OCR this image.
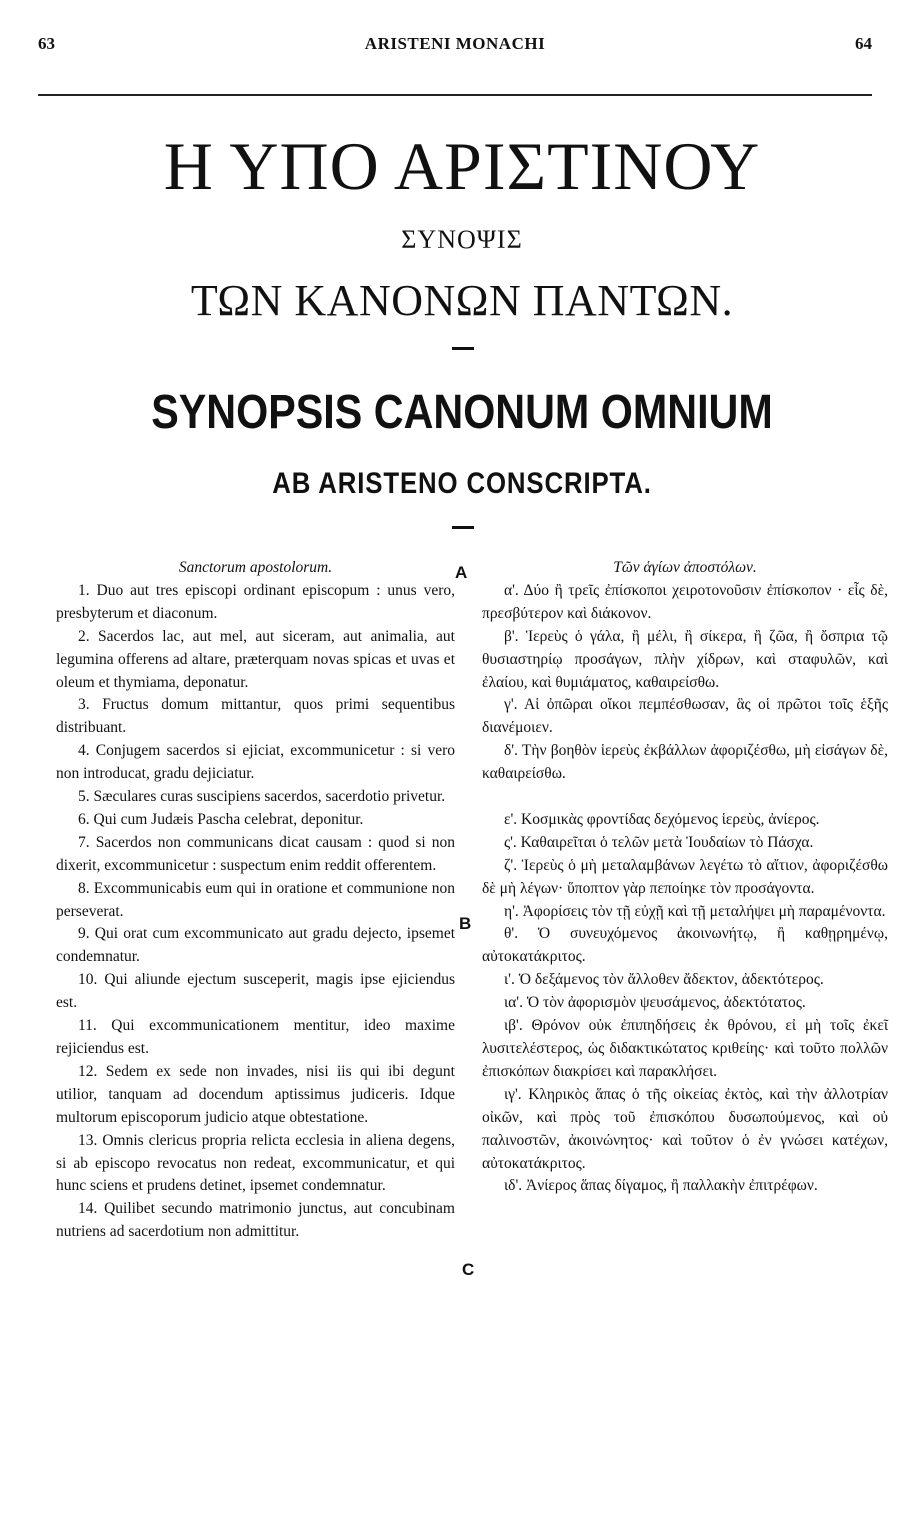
63	ARISTENI MONACHI	64
Η ΥΠΟ ΑΡΙΣΤΙΝΟΥ
ΣΥΝΟΨΙΣ
ΤΩΝ ΚΑΝΟΝΩΝ ΠΑΝΤΩΝ.
SYNOPSIS CANONUM OMNIUM
AB ARISTENO CONSCRIPTA.
Sanctorum apostolorum.

1. Duo aut tres episcopi ordinant episcopum : unus vero, presbyterum et diaconum.

2. Sacerdos lac, aut mel, aut siceram, aut animalia, aut legumina offerens ad altare, præterquam novas spicas et uvas et oleum et thymiama, deponatur.

3. Fructus domum mittantur, quos primi sequentibus distribuant.

4. Conjugem sacerdos si ejiciat, excommunicetur : si vero non introducat, gradu dejiciatur.

5. Sæculares curas suscipiens sacerdos, sacerdotio privetur.

6. Qui cum Judæis Pascha celebrat, deponitur.

7. Sacerdos non communicans dicat causam : quod si non dixerit, excommunicetur : suspectum enim reddit offerentem.

8. Excommunicabis eum qui in oratione et communione non perseverat.

9. Qui orat cum excommunicato aut gradu dejecto, ipsemet condemnatur.

10. Qui aliunde ejectum susceperit, magis ipse ejiciendus est.

11. Qui excommunicationem mentitur, ideo maxime rejiciendus est.

12. Sedem ex sede non invades, nisi iis qui ibi degunt utilior, tanquam ad docendum aptissimus judiceris. Idque multorum episcoporum judicio atque obtestatione.

13. Omnis clericus propria relicta ecclesia in aliena degens, si ab episcopo revocatus non redeat, excommunicatur, et qui hunc sciens et prudens detinet, ipsemet condemnatur.

14. Quilibet secundo matrimonio junctus, aut concubinam nutriens ad sacerdotium non admittitur.

A
B
C
Τῶν ἁγίων ἀποστόλων.

α'. Δύο ἢ τρεῖς ἐπίσκοποι χειροτονοῦσιν ἐπίσκοπον · εἷς δὲ, πρεσβύτερον καὶ διάκονον.

β'. Ἱερεὺς ὁ γάλα, ἢ μέλι, ἢ σίκερα, ἢ ζῶα, ἢ ὄσπρια τῷ θυσιαστηρίῳ προσάγων, πλὴν χίδρων, καὶ σταφυλῶν, καὶ ἐλαίου, καὶ θυμιάματος, καθαιρείσθω.

γ'. Αἱ ὀπῶραι οἴκοι πεμπέσθωσαν, ἃς οἱ πρῶτοι τοῖς ἑξῆς διανέμοιεν.

δ'. Τὴν βοηθὸν ἱερεὺς ἐκβάλλων ἀφοριζέσθω, μὴ εἰσάγων δὲ, καθαιρείσθω.

ε'. Κοσμικὰς φροντίδας δεχόμενος ἱερεὺς, ἀνίερος.

ς'. Καθαιρεῖται ὁ τελῶν μετὰ Ἰουδαίων τὸ Πάσχα.

ζ'. Ἱερεὺς ὁ μὴ μεταλαμβάνων λεγέτω τὸ αἴτιον, ἀφοριζέσθω δὲ μὴ λέγων· ὕποπτον γὰρ πεποίηκε τὸν προσάγοντα.

η'. Ἀφορίσεις τὸν τῇ εὐχῇ καὶ τῇ μεταλήψει μὴ παραμένοντα.

θ'. Ὁ συνευχόμενος ἀκοινωνήτῳ, ἢ καθῃρημένῳ, αὐτοκατάκριτος.

ι'. Ὁ δεξάμενος τὸν ἄλλοθεν ἄδεκτον, ἀδεκτότερος.

ια'. Ὁ τὸν ἀφορισμὸν ψευσάμενος, ἀδεκτότατος.

ιβ'. Θρόνον οὐκ ἐπιπηδήσεις ἐκ θρόνου, εἰ μὴ τοῖς ἐκεῖ λυσιτελέστερος, ὡς διδακτικώτατος κριθείης· καὶ τοῦτο πολλῶν ἐπισκόπων διακρίσει καὶ παρακλήσει.

ιγ'. Κληρικὸς ἅπας ὁ τῆς οἰκείας ἐκτὸς, καὶ τὴν ἀλλοτρίαν οἰκῶν, καὶ πρὸς τοῦ ἐπισκόπου δυσωπούμενος, καὶ οὐ παλινοστῶν, ἀκοινώνητος· καὶ τοῦτον ὁ ἐν γνώσει κατέχων, αὐτοκατάκριτος.

ιδ'. Ἀνίερος ἅπας δίγαμος, ἢ παλλακὴν ἐπιτρέφων.
